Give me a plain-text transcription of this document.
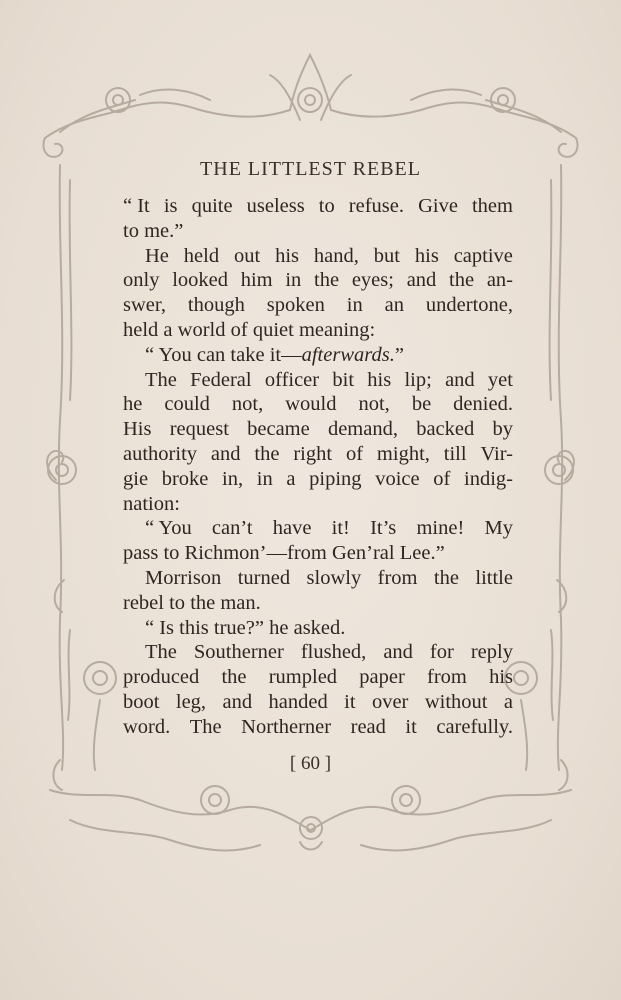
THE LITTLEST REBEL
“ It is quite useless to refuse. Give them
to me.”
He held out his hand, but his captive
only looked him in the eyes; and the an-
swer, though spoken in an undertone,
held a world of quiet meaning:
“ You can take it— afterwards. ”
The Federal officer bit his lip; and yet
he could not, would not, be denied.
His request became demand, backed by
authority and the right of might, till Vir-
gie broke in, in a piping voice of indig-
nation:
“ You can’t have it! It’s mine! My
pass to Richmon’—from Gen’ral Lee.”
Morrison turned slowly from the little
rebel to the man.
“ Is this true? ” he asked.
The Southerner flushed, and for reply
produced the rumpled paper from his
boot leg, and handed it over without a
word. The Northerner read it carefully.
[ 60 ]
